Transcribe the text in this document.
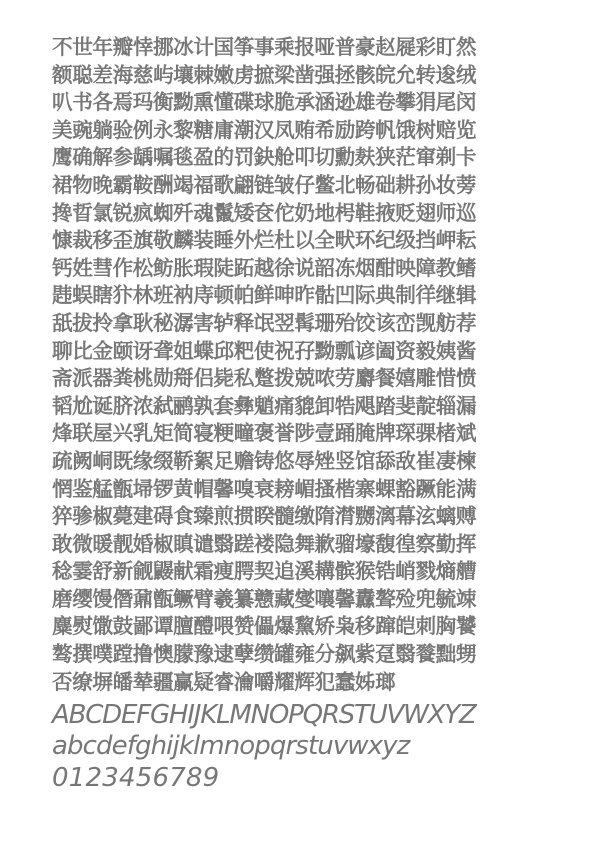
不世年瓣悻挪冰计国筝事乘报哑普豪赵屣彩盯然
额聪差海慈屿壤棘嫩虏摭梁凿强拯骸皖允转逡绒
叭书各焉玛衡黝熏懂碟球脆承涵逊雄卷攀狷尾闵
美豌躺验例永黎糖庸潮汉凤贿希励跨帆饿树赔览
鹰确解参龋嘱毯盈的罚鈌舱叩切勳麸狭茫窜剃卡
裙物晚霸鞍酬竭福歌翩链皱仔鳖北畅础耕孙妆蒡
搀晢氯锐疯蜘歼魂鬣矮奁佗奶地枵鞋掖贬翅师巡
慷裁移歪旗敬麟装睡外烂杜以全畎环纪级挡岬耘
钙姓彗作松鲂胀瑕陡跖越徐说韶冻烟酣映障教鳍
韪蜈瞎犿林班衲庤顿帕鲜呻昨骷凹际典制徉继辑
舐拔拎拿耿秘潺害轳释氓翌髯珊殆饺该峦觊舫荐
聊比金颐讶聋姐蝶邱粑使祝孖黝瓢谚阖资毅姨酱
斋派器粪桃勋搿侣毙私蹩拨兢哝劳麝餐嬉雕惜愤
韬尬诞脐浓弑鹂孰套彝魈痛貔卸牿飓踏斐靛辎漏
烽联屋兴乳矩简寝粳疃褒誉陟壹踊腌牌琛骒楮斌
疏阙峒既缘缀鞒絮足赡铸悠辱矬竖馆舔敌崔凄楝
惘鉴艋甑埽锣黄帽馨嗅衰耪嵋搔楷寨蜾豁蹶能满
猝骖椒薨建碍食臻煎掼睽髓缴隋潸嬲漓幕泫螭赙
敢微暖靓婚椒瞋谴翳蹉褛隐舞歉骝壕馥徨察勤挥
稔霎舒新觎鼹献霜痩腭契追溪耩髌猴锆峭戮熵艚
磨缨馒僭鼐甑鳜臂羲纂戆藏燮嚷馨纛聱殓兜毓竦
麋熨馓鼓鄙谭膻醴喂赞儡爆黧矫枭移蹿皑刺胸饕
骜撰噗蹚撸懊朦豫逮孽缵罐雍分飙紫趸翳餮黜甥
否缭塀皤辇疆赢疑睿瀹嚼耀辉犯蠢姊瑯
ABCDEFGHIJKLMNOPQRSTUVWXYZ
abcdefghijklmnopqrstuvwxyz
0123456789
